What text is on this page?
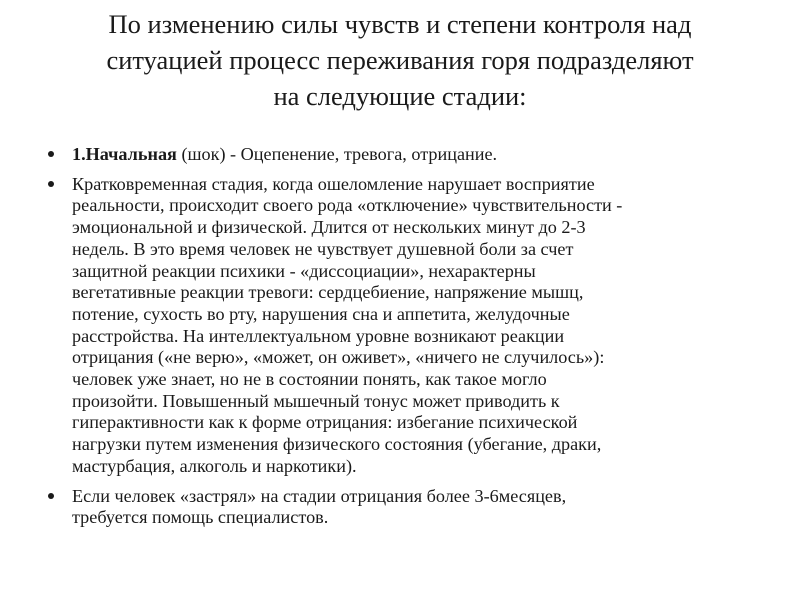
По изменению силы чувств и степени контроля над
ситуацией процесс переживания горя подразделяют
на следующие стадии:
1.Начальная (шок) - Оцепенение, тревога, отрицание.
Кратковременная стадия, когда ошеломление нарушает восприятие
реальности, происходит своего рода «отключение» чувствительности -
эмоциональной и физической. Длится от нескольких минут до 2-3
недель. В это время человек не чувствует душевной боли за счет
защитной реакции психики - «диссоциации», нехарактерны
вегетативные реакции тревоги: сердцебиение, напряжение мышц,
потение, сухость во рту, нарушения сна и аппетита, желудочные
расстройства. На интеллектуальном уровне возникают реакции
отрицания («не верю», «может, он оживет», «ничего не случилось»):
человек уже знает, но не в состоянии понять, как такое могло
произойти. Повышенный мышечный тонус может приводить к
гиперактивности как к форме отрицания: избегание психической
нагрузки путем изменения физического состояния (убегание, драки,
мастурбация, алкоголь и наркотики).
Если человек «застрял» на стадии отрицания более 3-6месяцев,
требуется помощь специалистов.
